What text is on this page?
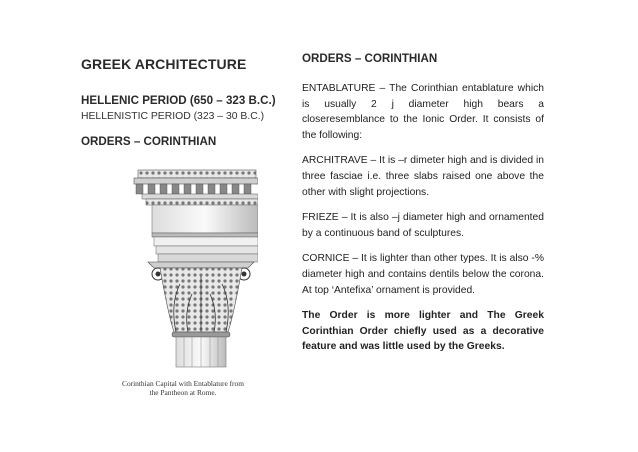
GREEK ARCHITECTURE
HELLENIC PERIOD (650 – 323 B.C.)
HELLENISTIC PERIOD (323 – 30 B.C.)
ORDERS – CORINTHIAN
Corinthian Capital with Entablature from
the Pantheon at Rome.
ORDERS – CORINTHIAN

ENTABLATURE – The Corinthian entablature which is usually 2 j diameter high bears a closeresemblance to the Ionic Order. It consists of the following:

ARCHITRAVE – It is –r dimeter high and is divided in three fasciae i.e. three slabs raised one above the other with slight projections.

FRIEZE – It is also –j diameter high and ornamented by a continuous band of sculptures.

CORNICE – It is lighter than other types. It is also -% diameter high and contains dentils below the corona. At top ‘Antefixa’ ornament is provided.

The Order is more lighter and The Greek Corinthian Order chiefly used as a decorative feature and was little used by the Greeks.
